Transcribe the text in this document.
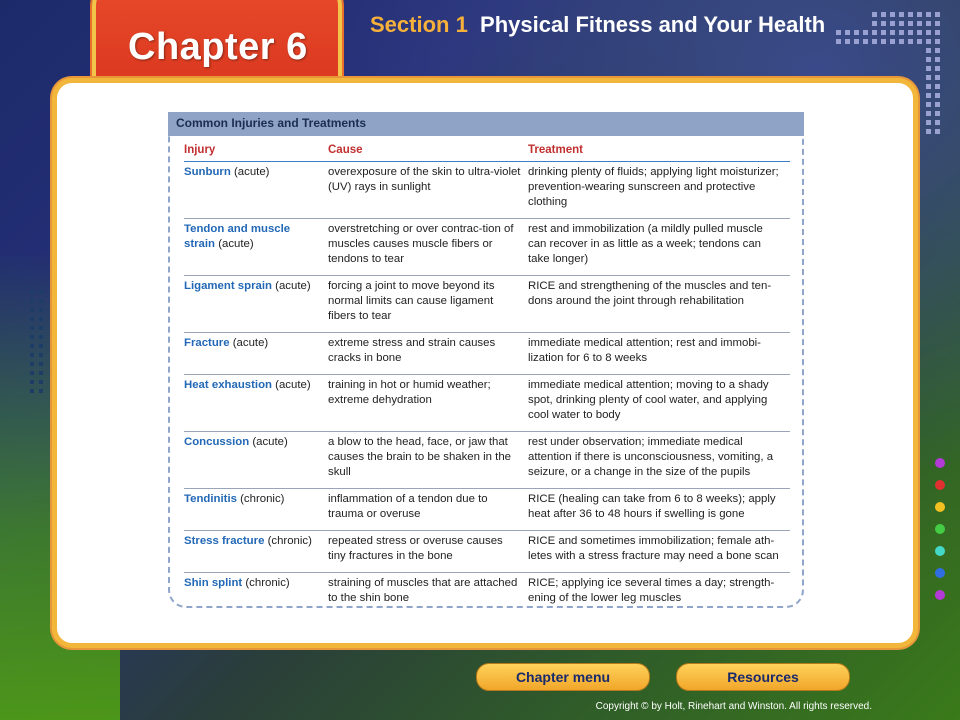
Chapter 6
Section 1 Physical Fitness and Your Health
Common Injuries and Treatments
Injury	Cause	Treatment
Sunburn (acute)	overexposure of the skin to ultra-violet (UV) rays in sunlight	drinking plenty of fluids; applying light moisturizer; prevention-wearing sunscreen and protective clothing
Tendon and muscle strain (acute)	overstretching or over contrac-tion of muscles causes muscle fibers or tendons to tear	rest and immobilization (a mildly pulled muscle can recover in as little as a week; tendons can take longer)
Ligament sprain (acute)	forcing a joint to move beyond its normal limits can cause ligament fibers to tear	RICE and strengthening of the muscles and ten-dons around the joint through rehabilitation
Fracture (acute)	extreme stress and strain causes cracks in bone	immediate medical attention; rest and immobi-lization for 6 to 8 weeks
Heat exhaustion (acute)	training in hot or humid weather; extreme dehydration	immediate medical attention; moving to a shady spot, drinking plenty of cool water, and applying cool water to body
Concussion (acute)	a blow to the head, face, or jaw that causes the brain to be shaken in the skull	rest under observation; immediate medical attention if there is unconsciousness, vomiting, a seizure, or a change in the size of the pupils
Tendinitis (chronic)	inflammation of a tendon due to trauma or overuse	RICE (healing can take from 6 to 8 weeks); apply heat after 36 to 48 hours if swelling is gone
Stress fracture (chronic)	repeated stress or overuse causes tiny fractures in the bone	RICE and sometimes immobilization; female ath-letes with a stress fracture may need a bone scan
Shin splint (chronic)	straining of muscles that are attached to the shin bone	RICE; applying ice several times a day; strength-ening of the lower leg muscles
Chapter menu	Resources
Copyright © by Holt, Rinehart and Winston. All rights reserved.
